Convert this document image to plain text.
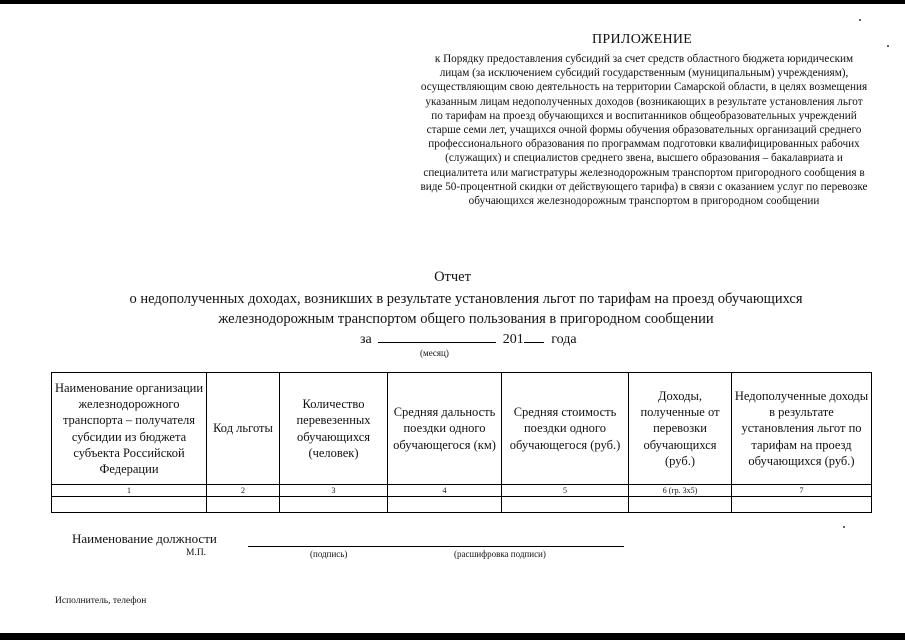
ПРИЛОЖЕНИЕ
к Порядку предоставления субсидий за счет средств областного бюджета юридическим лицам (за исключением субсидий государственным (муниципальным) учреждениям), осуществляющим свою деятельность на территории Самарской области, в целях возмещения указанным лицам недополученных доходов (возникающих в результате установления льгот по тарифам на проезд обучающихся и воспитанников общеобразовательных учреждений старше семи лет, учащихся очной формы обучения образовательных организаций среднего профессионального образования по программам подготовки квалифицированных рабочих (служащих) и специалистов среднего звена, высшего образования – бакалавриата и специалитета или магистратуры железнодорожным транспортом пригородного сообщения в виде 50-процентной скидки от действующего тарифа) в связи с оказанием услуг по перевозке обучающихся железнодорожным транспортом в пригородном сообщении
Отчет
о недополученных доходах, возникших в результате установления льгот по тарифам на проезд обучающихся железнодорожным транспортом общего пользования в пригородном сообщении
за	201 года
(месяц)
Наименование организации железнодорожного транспорта – получателя субсидии из бюджета субъекта Российской Федерации	Код льготы	Количество перевезенных обучающихся (человек)	Средняя дальность поездки одного обучающегося (км)	Средняя стоимость поездки одного обучающегося (руб.)	Доходы, полученные от перевозки обучающихся (руб.)	Недополученные доходы в результате установления льгот по тарифам на проезд обучающихся (руб.)
1	2	3	4	5	6 (гр. 3х5)	7

Наименование должности
М.П.	(подпись)	(расшифровка подписи)
Исполнитель, телефон
